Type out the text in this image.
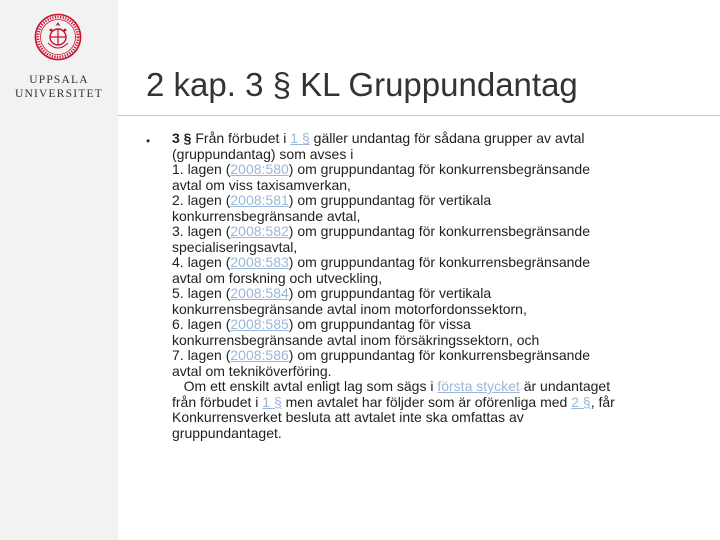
UPPSALA
UNIVERSITET	2 kap. 3 § KL Gruppundantag
• 3 § Från förbudet i 1 § gäller undantag för sådana grupper av avtal
(gruppundantag) som avses i
1. lagen (2008:580) om gruppundantag för konkurrensbegränsande
avtal om viss taxisamverkan,
2. lagen (2008:581) om gruppundantag för vertikala
konkurrensbegränsande avtal,
3. lagen (2008:582) om gruppundantag för konkurrensbegränsande
specialiseringsavtal,
4. lagen (2008:583) om gruppundantag för konkurrensbegränsande
avtal om forskning och utveckling,
5. lagen (2008:584) om gruppundantag för vertikala
konkurrensbegränsande avtal inom motorfordonssektorn,
6. lagen (2008:585) om gruppundantag för vissa
konkurrensbegränsande avtal inom försäkringssektorn, och
7. lagen (2008:586) om gruppundantag för konkurrensbegränsande
avtal om tekniköverföring.
Om ett enskilt avtal enligt lag som sägs i första stycket är undantaget
från förbudet i 1 § men avtalet har följder som är oförenliga med 2 §, får
Konkurrensverket besluta att avtalet inte ska omfattas av
gruppundantaget.
